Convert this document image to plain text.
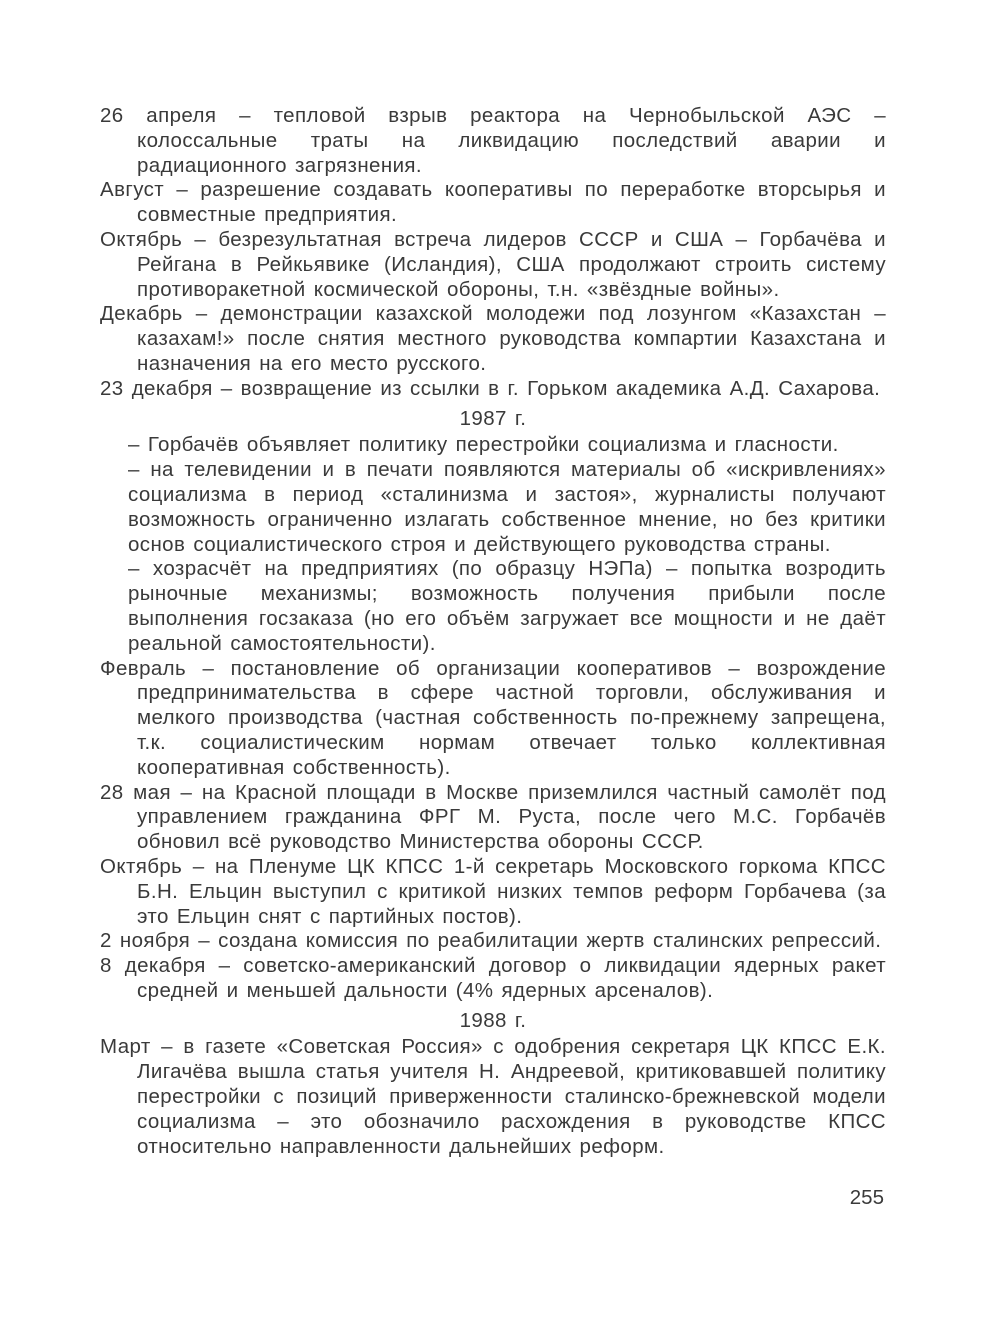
26 апреля – тепловой взрыв реактора на Чернобыльской АЭС – колоссальные траты на ликвидацию последствий аварии и радиационного загрязнения.

Август – разрешение создавать кооперативы по переработке вторсырья и совместные предприятия.

Октябрь – безрезультатная встреча лидеров СССР и США – Горбачёва и Рейгана в Рейкьявике (Исландия), США продолжают строить систему противоракетной космической обороны, т.н. «звёздные войны».

Декабрь – демонстрации казахской молодежи под лозунгом «Казахстан – казахам!» после снятия местного руководства компартии Казахстана и назначения на его место русского.

23 декабря – возвращение из ссылки в г. Горьком академика А.Д. Сахарова.

1987 г.

– Горбачёв объявляет политику перестройки социализма и гласности.

– на телевидении и в печати появляются материалы об «искривлениях» социализма в период «сталинизма и застоя», журналисты получают возможность ограниченно излагать собственное мнение, но без критики основ социалистического строя и действующего руководства страны.

– хозрасчёт на предприятиях (по образцу НЭПа) – попытка возродить рыночные механизмы; возможность получения прибыли после выполнения госзаказа (но его объём загружает все мощности и не даёт реальной самостоятельности).

Февраль – постановление об организации кооперативов – возрождение предпринимательства в сфере частной торговли, обслуживания и мелкого производства (частная собственность по-прежнему запрещена, т.к. социалистическим нормам отвечает только коллективная кооперативная собственность).

28 мая – на Красной площади в Москве приземлился частный самолёт под управлением гражданина ФРГ М. Руста, после чего М.С. Горбачёв обновил всё руководство Министерства обороны СССР.

Октябрь – на Пленуме ЦК КПСС 1-й секретарь Московского горкома КПСС Б.Н. Ельцин выступил с критикой низких темпов реформ Горбачева (за это Ельцин снят с партийных постов).

2 ноября – создана комиссия по реабилитации жертв сталинских репрессий.

8 декабря – советско-американский договор о ликвидации ядерных ракет средней и меньшей дальности (4% ядерных арсеналов).

1988 г.

Март – в газете «Советская Россия» с одобрения секретаря ЦК КПСС Е.К. Лигачёва вышла статья учителя Н. Андреевой, критиковавшей политику перестройки с позиций приверженности сталинско-брежневской модели социализма – это обозначило расхождения в руководстве КПСС относительно направленности дальнейших реформ.

255
